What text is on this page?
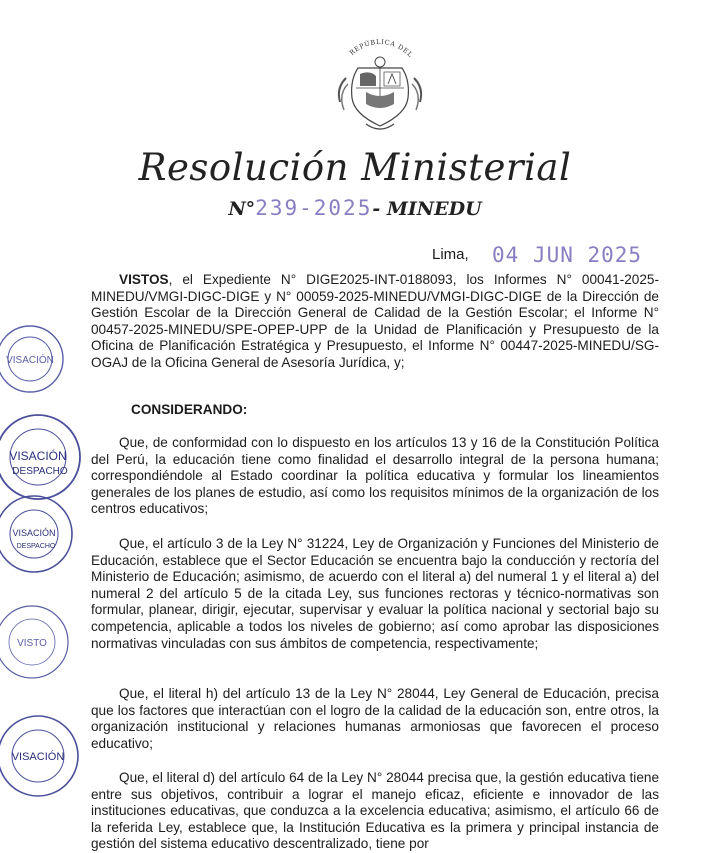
REPÚBLICA DEL
Resolución Ministerial
N°239-2025- MINEDU
Lima, 04 JUN 2025
VISTOS, el Expediente N° DIGE2025-INT-0188093, los Informes N° 00041-2025-MINEDU/VMGI-DIGC-DIGE y N° 00059-2025-MINEDU/VMGI-DIGC-DIGE de la Dirección de Gestión Escolar de la Dirección General de Calidad de la Gestión Escolar; el Informe N° 00457-2025-MINEDU/SPE-OPEP-UPP de la Unidad de Planificación y Presupuesto de la Oficina de Planificación Estratégica y Presupuesto, el Informe N° 00447-2025-MINEDU/SG-OGAJ de la Oficina General de Asesoría Jurídica, y;
CONSIDERANDO:
Que, de conformidad con lo dispuesto en los artículos 13 y 16 de la Constitución Política del Perú, la educación tiene como finalidad el desarrollo integral de la persona humana; correspondiéndole al Estado coordinar la política educativa y formular los lineamientos generales de los planes de estudio, así como los requisitos mínimos de la organización de los centros educativos;
Que, el artículo 3 de la Ley N° 31224, Ley de Organización y Funciones del Ministerio de Educación, establece que el Sector Educación se encuentra bajo la conducción y rectoría del Ministerio de Educación; asimismo, de acuerdo con el literal a) del numeral 1 y el literal a) del numeral 2 del artículo 5 de la citada Ley, sus funciones rectoras y técnico-normativas son formular, planear, dirigir, ejecutar, supervisar y evaluar la política nacional y sectorial bajo su competencia, aplicable a todos los niveles de gobierno; así como aprobar las disposiciones normativas vinculadas con sus ámbitos de competencia, respectivamente;
Que, el literal h) del artículo 13 de la Ley N° 28044, Ley General de Educación, precisa que los factores que interactúan con el logro de la calidad de la educación son, entre otros, la organización institucional y relaciones humanas armoniosas que favorecen el proceso educativo;
Que, el literal d) del artículo 64 de la Ley N° 28044 precisa que, la gestión educativa tiene entre sus objetivos, contribuir a lograr el manejo eficaz, eficiente e innovador de las instituciones educativas, que conduzca a la excelencia educativa; asimismo, el artículo 66 de la referida Ley, establece que, la Institución Educativa es la primera y principal instancia de gestión del sistema educativo descentralizado, tiene por
VISACIÓN
VISACIÓN
DESPACHO
VISACIÓN
DESPACHO
VISTO
VISACIÓN
